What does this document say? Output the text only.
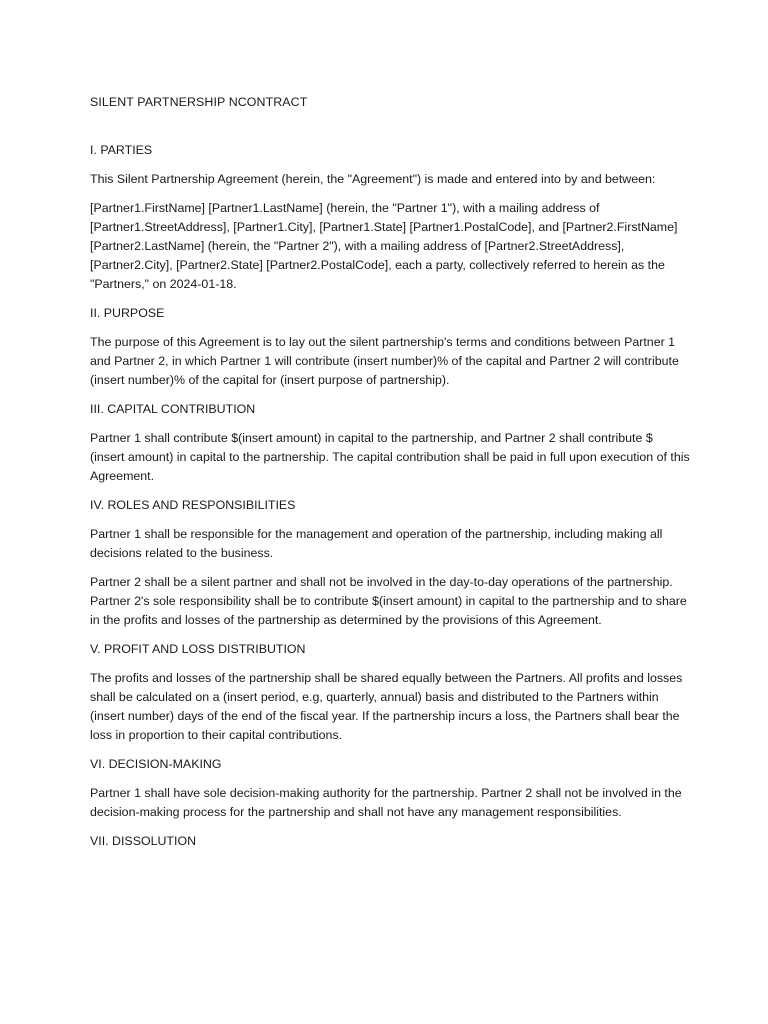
SILENT PARTNERSHIP NCONTRACT

I. PARTIES

This Silent Partnership Agreement (herein, the "Agreement") is made and entered into by and between:

[Partner1.FirstName] [Partner1.LastName] (herein, the "Partner 1"), with a mailing address of [Partner1.StreetAddress], [Partner1.City], [Partner1.State] [Partner1.PostalCode], and [Partner2.FirstName] [Partner2.LastName] (herein, the "Partner 2"), with a mailing address of [Partner2.StreetAddress], [Partner2.City], [Partner2.State] [Partner2.PostalCode], each a party, collectively referred to herein as the "Partners," on 2024-01-18.

II. PURPOSE

The purpose of this Agreement is to lay out the silent partnership's terms and conditions between Partner 1 and Partner 2, in which Partner 1 will contribute (insert number)% of the capital and Partner 2 will contribute (insert number)% of the capital for (insert purpose of partnership).

III. CAPITAL CONTRIBUTION

Partner 1 shall contribute $(insert amount) in capital to the partnership, and Partner 2 shall contribute $ (insert amount) in capital to the partnership. The capital contribution shall be paid in full upon execution of this Agreement.

IV. ROLES AND RESPONSIBILITIES

Partner 1 shall be responsible for the management and operation of the partnership, including making all decisions related to the business.

Partner 2 shall be a silent partner and shall not be involved in the day-to-day operations of the partnership. Partner 2's sole responsibility shall be to contribute $(insert amount) in capital to the partnership and to share in the profits and losses of the partnership as determined by the provisions of this Agreement.

V. PROFIT AND LOSS DISTRIBUTION

The profits and losses of the partnership shall be shared equally between the Partners. All profits and losses shall be calculated on a (insert period, e.g, quarterly, annual) basis and distributed to the Partners within (insert number) days of the end of the fiscal year. If the partnership incurs a loss, the Partners shall bear the loss in proportion to their capital contributions.

VI. DECISION-MAKING

Partner 1 shall have sole decision-making authority for the partnership. Partner 2 shall not be involved in the decision-making process for the partnership and shall not have any management responsibilities.

VII. DISSOLUTION
